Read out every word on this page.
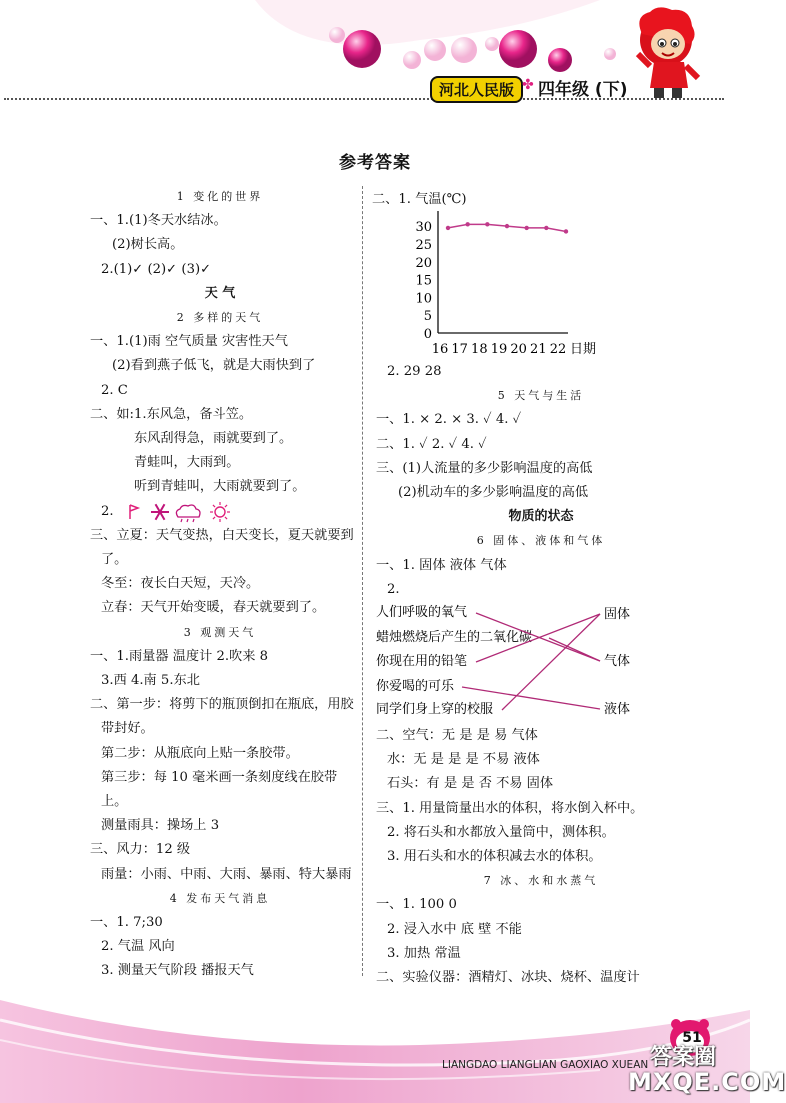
河北人民版 ✤ 四年级 (下)
参考答案
1 变化的世界
一、1.(1)冬天水结冰。
(2)树长高。
2.(1)✓ (2)✓ (3)✓
天 气
2 多样的天气
一、1.(1)雨 空气质量 灾害性天气
(2)看到燕子低飞，就是大雨快到了
2. C
二、如:1.东风急，备斗笠。
东风刮得急，雨就要到了。
青蛙叫，大雨到。
听到青蛙叫，大雨就要到了。
2.
三、立夏：天气变热，白天变长，夏天就要到
了。
冬至：夜长白天短，天冷。
立春：天气开始变暖，春天就要到了。
3 观测天气
一、1.雨量器 温度计 2.吹来 8
3.西 4.南 5.东北
二、第一步：将剪下的瓶顶倒扣在瓶底，用胶
带封好。
第二步：从瓶底向上贴一条胶带。
第三步：每 10 毫米画一条刻度线在胶带
上。
测量雨具：操场上 3
三、风力：12 级
雨量：小雨、中雨、大雨、暴雨、特大暴雨
4 发布天气消息
一、1. 7;30
2. 气温 风向
3. 测量天气阶段 播报天气
二、1. 气温(℃)
0
5
10
15
20
25
30
16 17 18 19 20 21 22 日期
2. 29 28
5 天气与生活
一、1. × 2. × 3. ✓ 4. ✓
二、1. ✓ 2. ✓ 4. ✓
三、(1)人流量的多少影响温度的高低
(2)机动车的多少影响温度的高低
物质的状态
6 固体、液体和气体
一、1. 固体 液体 气体
2.
人们呼吸的氧气
蜡烛燃烧后产生的二氧化碳
你现在用的铅笔
你爱喝的可乐
同学们身上穿的校服
固体
气体
液体
二、空气：无 是 是 易 气体
水：无 是 是 是 不易 液体
石头：有 是 是 否 不易 固体
三、1. 用量筒量出水的体积，将水倒入杯中。
2. 将石头和水都放入量筒中，测体积。
3. 用石头和水的体积减去水的体积。
7 冰、水和水蒸气
一、1. 100 0
2. 浸入水中 底 壁 不能
3. 加热 常温
二、实验仪器：酒精灯、冰块、烧杯、温度计
51
LIANGDAO LIANGLIAN GAOXIAO XUEAN 答案圈
MXQE.COM
